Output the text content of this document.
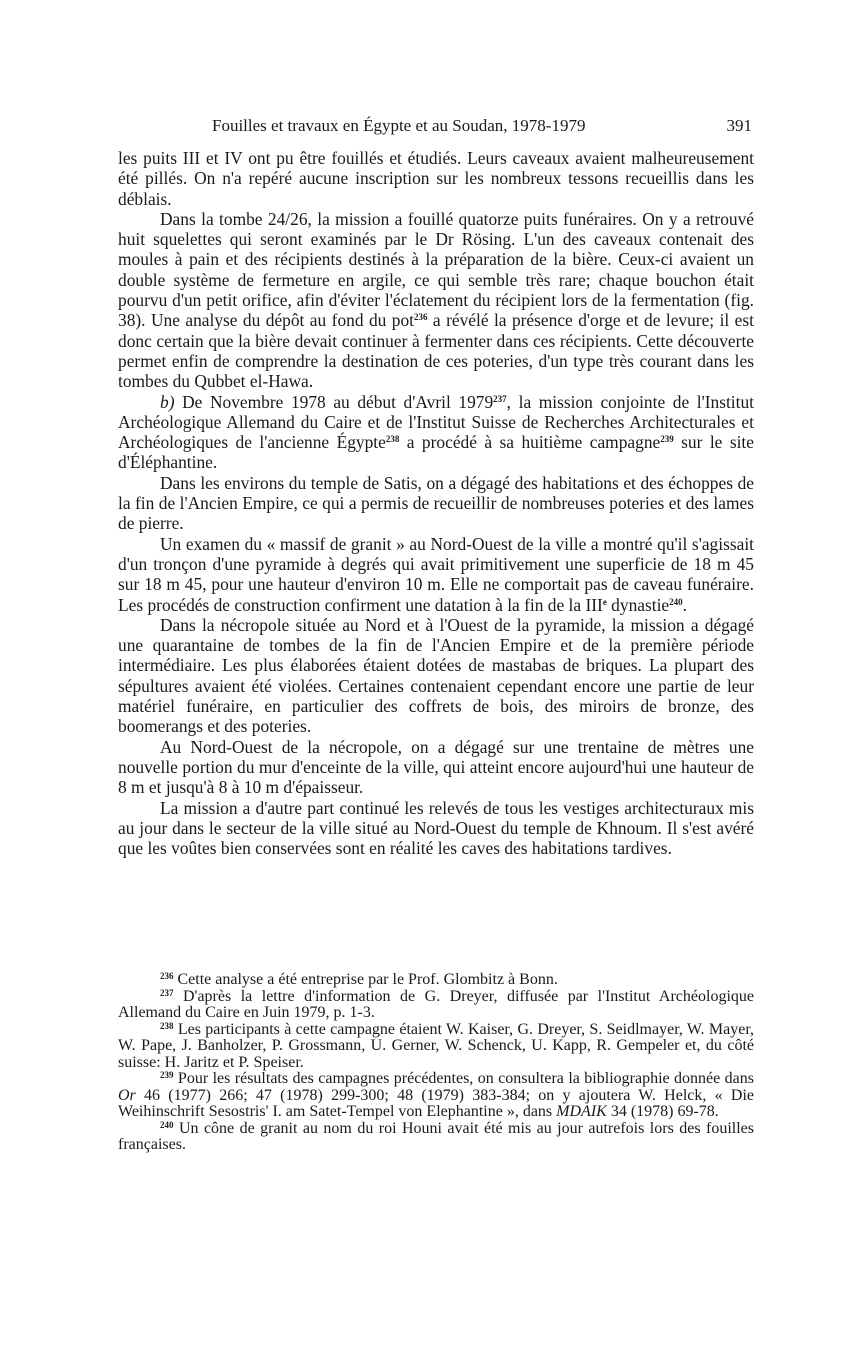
Fouilles et travaux en Égypte et au Soudan, 1978-1979	391

les puits III et IV ont pu être fouillés et étudiés. Leurs caveaux avaient malheureusement été pillés. On n'a repéré aucune inscription sur les nombreux tessons recueillis dans les déblais.

Dans la tombe 24/26, la mission a fouillé quatorze puits funéraires. On y a retrouvé huit squelettes qui seront examinés par le Dr Rösing. L'un des caveaux contenait des moules à pain et des récipients destinés à la préparation de la bière. Ceux-ci avaient un double système de fermeture en argile, ce qui semble très rare; chaque bouchon était pourvu d'un petit orifice, afin d'éviter l'éclatement du récipient lors de la fermentation (fig. 38). Une analyse du dépôt au fond du pot$^{236}$ a révélé la présence d'orge et de levure; il est donc certain que la bière devait continuer à fermenter dans ces récipients. Cette découverte permet enfin de comprendre la destination de ces poteries, d'un type très courant dans les tombes du Qubbet el-Hawa.

b) De Novembre 1978 au début d'Avril 1979$^{237}$, la mission conjointe de l'Institut Archéologique Allemand du Caire et de l'Institut Suisse de Recherches Architecturales et Archéologiques de l'ancienne Égypte$^{238}$ a procédé à sa huitième campagne$^{239}$ sur le site d'Éléphantine.

Dans les environs du temple de Satis, on a dégagé des habitations et des échoppes de la fin de l'Ancien Empire, ce qui a permis de recueillir de nombreuses poteries et des lames de pierre.

Un examen du « massif de granit » au Nord-Ouest de la ville a montré qu'il s'agissait d'un tronçon d'une pyramide à degrés qui avait primitivement une superficie de 18 m 45 sur 18 m 45, pour une hauteur d'environ 10 m. Elle ne comportait pas de caveau funéraire. Les procédés de construction confirment une datation à la fin de la IIIe dynastie$^{240}$.

Dans la nécropole située au Nord et à l'Ouest de la pyramide, la mission a dégagé une quarantaine de tombes de la fin de l'Ancien Empire et de la première période intermédiaire. Les plus élaborées étaient dotées de mastabas de briques. La plupart des sépultures avaient été violées. Certaines contenaient cependant encore une partie de leur matériel funéraire, en particulier des coffrets de bois, des miroirs de bronze, des boomerangs et des poteries.

Au Nord-Ouest de la nécropole, on a dégagé sur une trentaine de mètres une nouvelle portion du mur d'enceinte de la ville, qui atteint encore aujourd'hui une hauteur de 8 m et jusqu'à 8 à 10 m d'épaisseur.

La mission a d'autre part continué les relevés de tous les vestiges architecturaux mis au jour dans le secteur de la ville situé au Nord-Ouest du temple de Khnoum. Il s'est avéré que les voûtes bien conservées sont en réalité les caves des habitations tardives.

$^{236}$ Cette analyse a été entreprise par le Prof. Glombitz à Bonn.

$^{237}$ D'après la lettre d'information de G. Dreyer, diffusée par l'Institut Archéologique Allemand du Caire en Juin 1979, p. 1-3.

$^{238}$ Les participants à cette campagne étaient W. Kaiser, G. Dreyer, S. Seidlmayer, W. Mayer, W. Pape, J. Banholzer, P. Grossmann, U. Gerner, W. Schenck, U. Kapp, R. Gempeler et, du côté suisse: H. Jaritz et P. Speiser.

$^{239}$ Pour les résultats des campagnes précédentes, on consultera la bibliographie donnée dans Or 46 (1977) 266; 47 (1978) 299-300; 48 (1979) 383-384; on y ajoutera W. Helck, « Die Weihinschrift Sesostris' I. am Satet-Tempel von Elephantine », dans MDAIK 34 (1978) 69-78.

$^{240}$ Un cône de granit au nom du roi Houni avait été mis au jour autrefois lors des fouilles françaises.
